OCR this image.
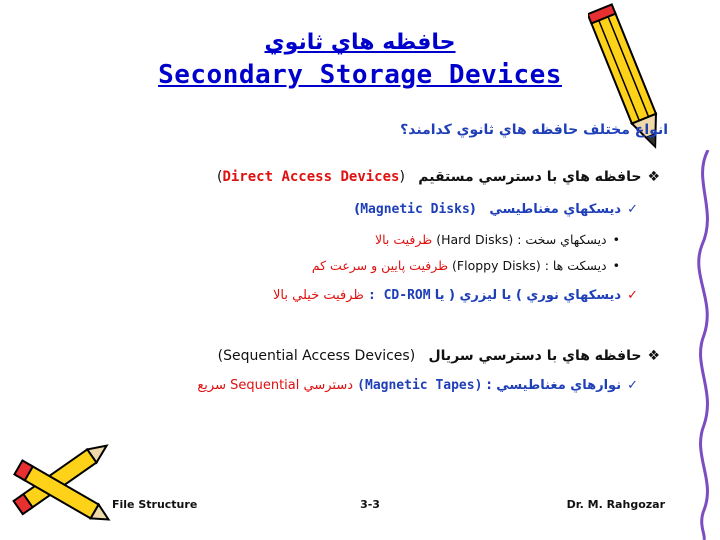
حافظه هاي ثانوي
Secondary Storage Devices
انواع مختلف حافظه هاي ثانوي كدامند؟
❖حافظه هاي با دسترسي مستقيم   (Direct Access Devices)
✓ديسكهاي مغناطيسي   (Magnetic Disks)
•ديسكهاي سخت : (Hard Disks) ظرفيت بالا
•ديسكت ها : (Floppy Disks) ظرفيت پايين و سرعت كم
✓ديسكهاي نوري ) يا ليزري ( يا CD-ROM : ظرفيت خيلي بالا
❖حافظه هاي با دسترسي سريال   (Sequential Access Devices)
✓نوارهاي مغناطيسي : (Magnetic Tapes) دسترسي Sequential سريع
File Structure	3-3	Dr. M. Rahgozar
